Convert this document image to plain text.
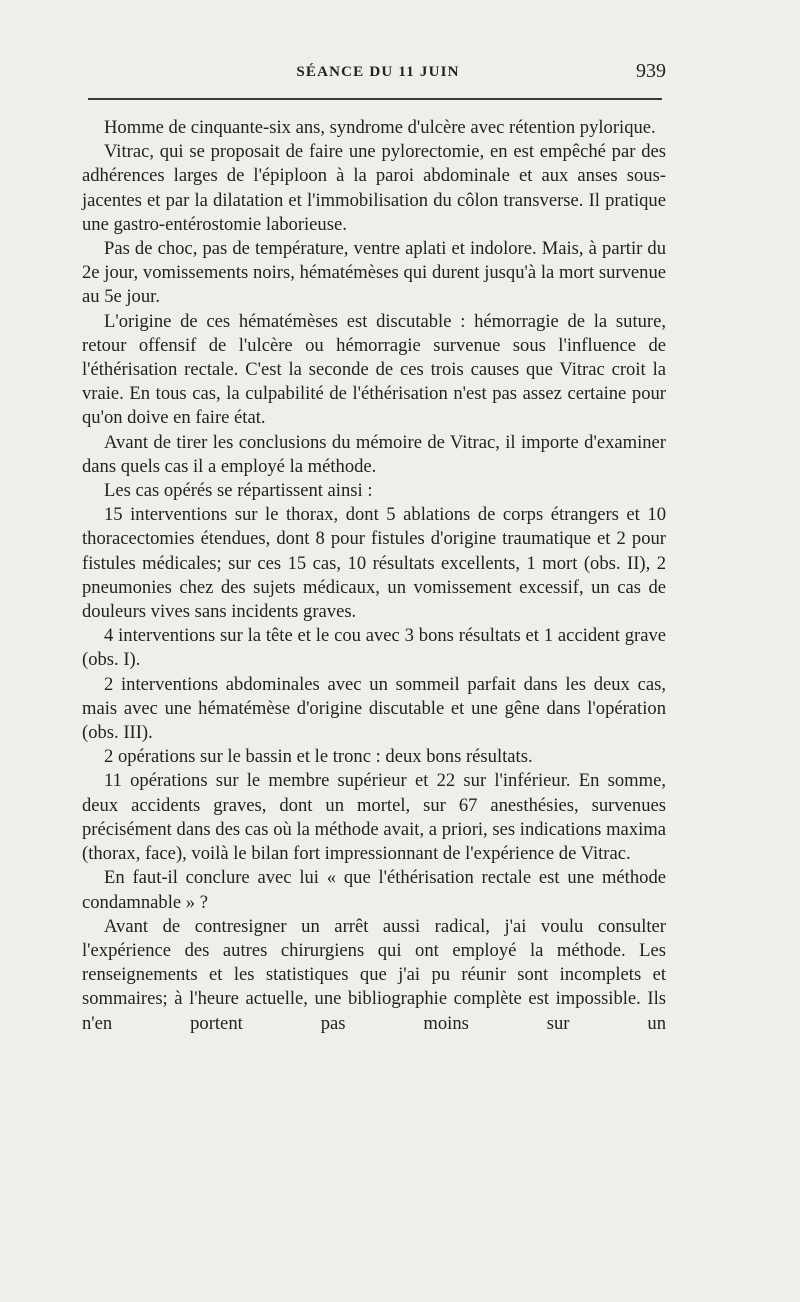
SÉANCE DU 11 JUIN	939

Homme de cinquante-six ans, syndrome d'ulcère avec rétention pylorique.

Vitrac, qui se proposait de faire une pylorectomie, en est empêché par des adhérences larges de l'épiploon à la paroi abdominale et aux anses sous-jacentes et par la dilatation et l'immobilisation du côlon transverse. Il pratique une gastro-entérostomie laborieuse.

Pas de choc, pas de température, ventre aplati et indolore. Mais, à partir du 2e jour, vomissements noirs, hématémèses qui durent jusqu'à la mort survenue au 5e jour.

L'origine de ces hématémèses est discutable : hémorragie de la suture, retour offensif de l'ulcère ou hémorragie survenue sous l'influence de l'éthérisation rectale. C'est la seconde de ces trois causes que Vitrac croit la vraie. En tous cas, la culpabilité de l'éthérisation n'est pas assez certaine pour qu'on doive en faire état.

Avant de tirer les conclusions du mémoire de Vitrac, il importe d'examiner dans quels cas il a employé la méthode.

Les cas opérés se répartissent ainsi :

15 interventions sur le thorax, dont 5 ablations de corps étrangers et 10 thoracectomies étendues, dont 8 pour fistules d'origine traumatique et 2 pour fistules médicales; sur ces 15 cas, 10 résultats excellents, 1 mort (obs. II), 2 pneumonies chez des sujets médicaux, un vomissement excessif, un cas de douleurs vives sans incidents graves.

4 interventions sur la tête et le cou avec 3 bons résultats et 1 accident grave (obs. I).

2 interventions abdominales avec un sommeil parfait dans les deux cas, mais avec une hématémèse d'origine discutable et une gêne dans l'opération (obs. III).

2 opérations sur le bassin et le tronc : deux bons résultats.

11 opérations sur le membre supérieur et 22 sur l'inférieur. En somme, deux accidents graves, dont un mortel, sur 67 anesthésies, survenues précisément dans des cas où la méthode avait, a priori, ses indications maxima (thorax, face), voilà le bilan fort impressionnant de l'expérience de Vitrac.

En faut-il conclure avec lui « que l'éthérisation rectale est une méthode condamnable » ?

Avant de contresigner un arrêt aussi radical, j'ai voulu consulter l'expérience des autres chirurgiens qui ont employé la méthode. Les renseignements et les statistiques que j'ai pu réunir sont incomplets et sommaires; à l'heure actuelle, une bibliographie complète est impossible. Ils n'en portent pas moins sur un
